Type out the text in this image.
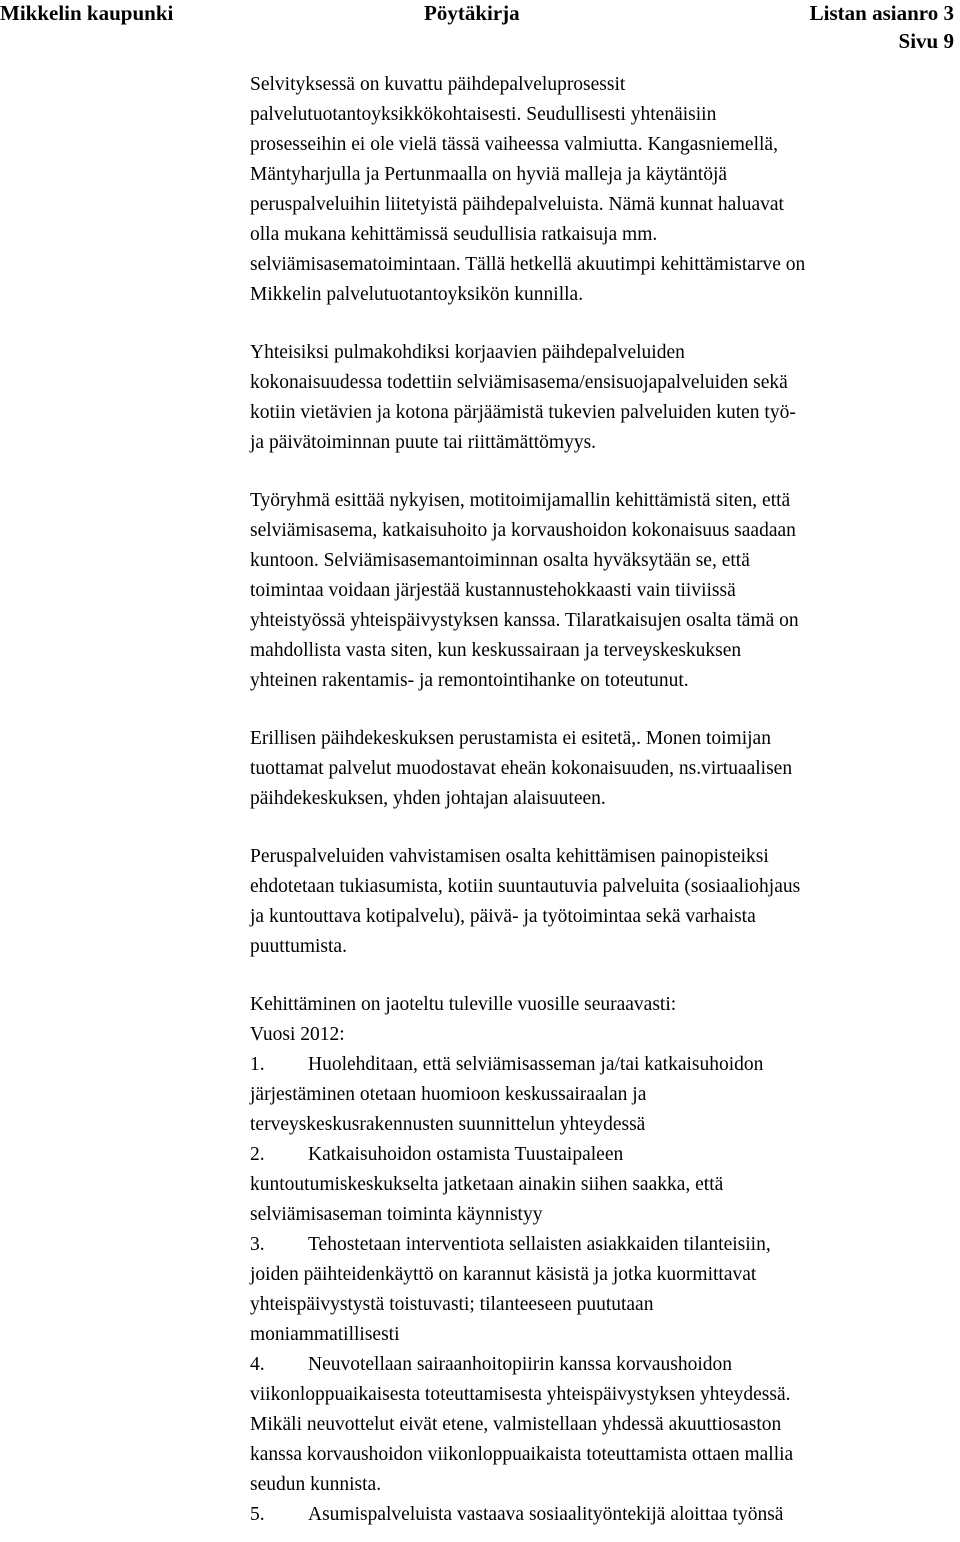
Mikkelin kaupunki	Pöytäkirja	Listan asianro 3
Sivu 9
Selvityksessä on kuvattu päihdepalveluprosessit
palvelutuotantoyksikkökohtaisesti. Seudullisesti yhtenäisiin
prosesseihin ei ole vielä tässä vaiheessa valmiutta. Kangasniemellä,
Mäntyharjulla ja Pertunmaalla on hyviä malleja ja käytäntöjä
peruspalveluihin liitetyistä päihdepalveluista. Nämä kunnat haluavat
olla mukana kehittämissä seudullisia ratkaisuja mm.
selviämisasematoimintaan. Tällä hetkellä akuutimpi kehittämistarve on
Mikkelin palvelutuotantoyksikön kunnilla.
Yhteisiksi pulmakohdiksi korjaavien päihdepalveluiden
kokonaisuudessa todettiin selviämisasema/ensisuojapalveluiden sekä
kotiin vietävien ja kotona pärjäämistä tukevien palveluiden kuten työ-
ja päivätoiminnan puute tai riittämättömyys.
Työryhmä esittää nykyisen, motitoimijamallin kehittämistä siten, että
selviämisasema, katkaisuhoito ja korvaushoidon kokonaisuus saadaan
kuntoon. Selviämisasemantoiminnan osalta hyväksytään se, että
toimintaa voidaan järjestää kustannustehokkaasti vain tiiviissä
yhteistyössä yhteispäivystyksen kanssa. Tilaratkaisujen osalta tämä on
mahdollista vasta siten, kun keskussairaan ja terveyskeskuksen
yhteinen rakentamis- ja remontointihanke on toteutunut.
Erillisen päihdekeskuksen perustamista ei esitetä,. Monen toimijan
tuottamat palvelut muodostavat eheän kokonaisuuden, ns.virtuaalisen
päihdekeskuksen, yhden johtajan alaisuuteen.
Peruspalveluiden vahvistamisen osalta kehittämisen painopisteiksi
ehdotetaan tukiasumista, kotiin suuntautuvia palveluita (sosiaaliohjaus
ja kuntouttava kotipalvelu), päivä- ja työtoimintaa sekä varhaista
puuttumista.
Kehittäminen on jaoteltu tuleville vuosille seuraavasti:
Vuosi 2012:
1. Huolehditaan, että selviämisasseman ja/tai katkaisuhoidon
järjestäminen otetaan huomioon keskussairaalan ja
terveyskeskusrakennusten suunnittelun yhteydessä
2. Katkaisuhoidon ostamista Tuustaipaleen
kuntoutumiskeskukselta jatketaan ainakin siihen saakka, että
selviämisaseman toiminta käynnistyy
3. Tehostetaan interventiota sellaisten asiakkaiden tilanteisiin,
joiden päihteidenkäyttö on karannut käsistä ja jotka kuormittavat
yhteispäivystystä toistuvasti; tilanteeseen puututaan
moniammatillisesti
4. Neuvotellaan sairaanhoitopiirin kanssa korvaushoidon
viikonloppuaikaisesta toteuttamisesta yhteispäivystyksen yhteydessä.
Mikäli neuvottelut eivät etene, valmistellaan yhdessä akuuttiosaston
kanssa korvaushoidon viikonloppuaikaista toteuttamista ottaen mallia
seudun kunnista.
5. Asumispalveluista vastaava sosiaalityöntekijä aloittaa työnsä
